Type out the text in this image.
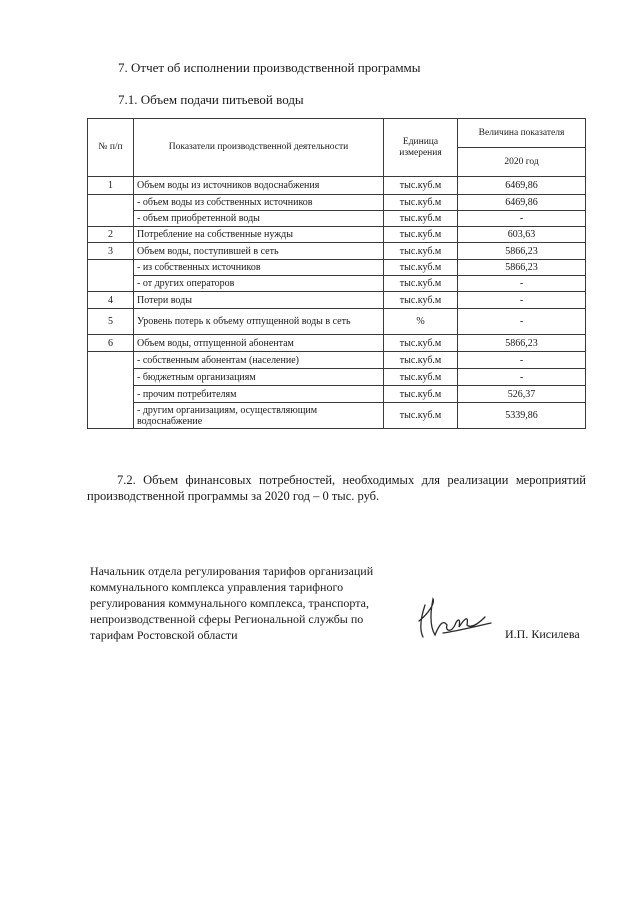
7. Отчет об исполнении производственной программы
7.1. Объем подачи питьевой воды
№ п/п	Показатели производственной деятельности	Единица измерения	Величина показателя
			2020 год
1	Объем воды из источников водоснабжения	тыс.куб.м	6469,86
	- объем воды из собственных источников	тыс.куб.м	6469,86
	- объем приобретенной воды	тыс.куб.м	-
2	Потребление на собственные нужды	тыс.куб.м	603,63
3	Объем воды, поступившей в сеть	тыс.куб.м	5866,23
	- из собственных источников	тыс.куб.м	5866,23
	- от других операторов	тыс.куб.м	-
4	Потери воды	тыс.куб.м	-
5	Уровень потерь к объему отпущенной воды в сеть	%	-
6	Объем воды, отпущенной абонентам	тыс.куб.м	5866,23
	- собственным абонентам (население)	тыс.куб.м	-
	- бюджетным организациям	тыс.куб.м	-
	- прочим потребителям	тыс.куб.м	526,37
	- другим организациям, осуществляющим водоснабжение	тыс.куб.м	5339,86
7.2. Объем финансовых потребностей, необходимых для реализации мероприятий производственной программы за 2020 год – 0 тыс. руб.
Начальник отдела регулирования тарифов организаций коммунального комплекса управления тарифного регулирования коммунального комплекса, транспорта, непроизводственной сферы Региональной службы по тарифам Ростовской области	И.П. Кисилева
